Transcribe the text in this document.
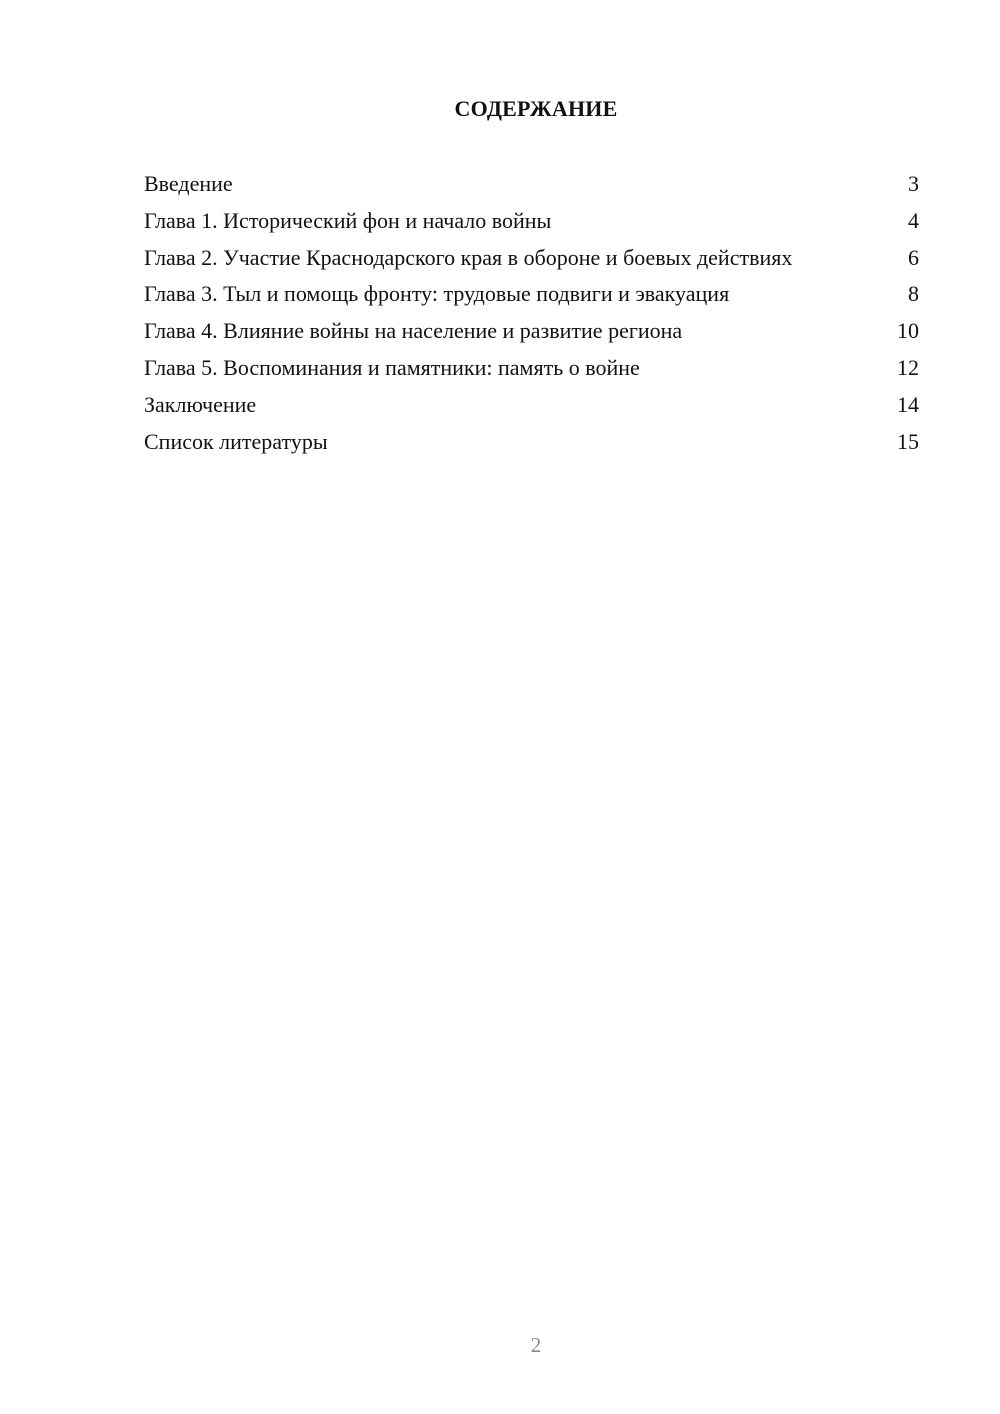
СОДЕРЖАНИЕ
Введение	3
Глава 1. Исторический фон и начало войны	4
Глава 2. Участие Краснодарского края в обороне и боевых действиях	6
Глава 3. Тыл и помощь фронту: трудовые подвиги и эвакуация	8
Глава 4. Влияние войны на население и развитие региона	10
Глава 5. Воспоминания и памятники: память о войне	12
Заключение	14
Список литературы	15
2
